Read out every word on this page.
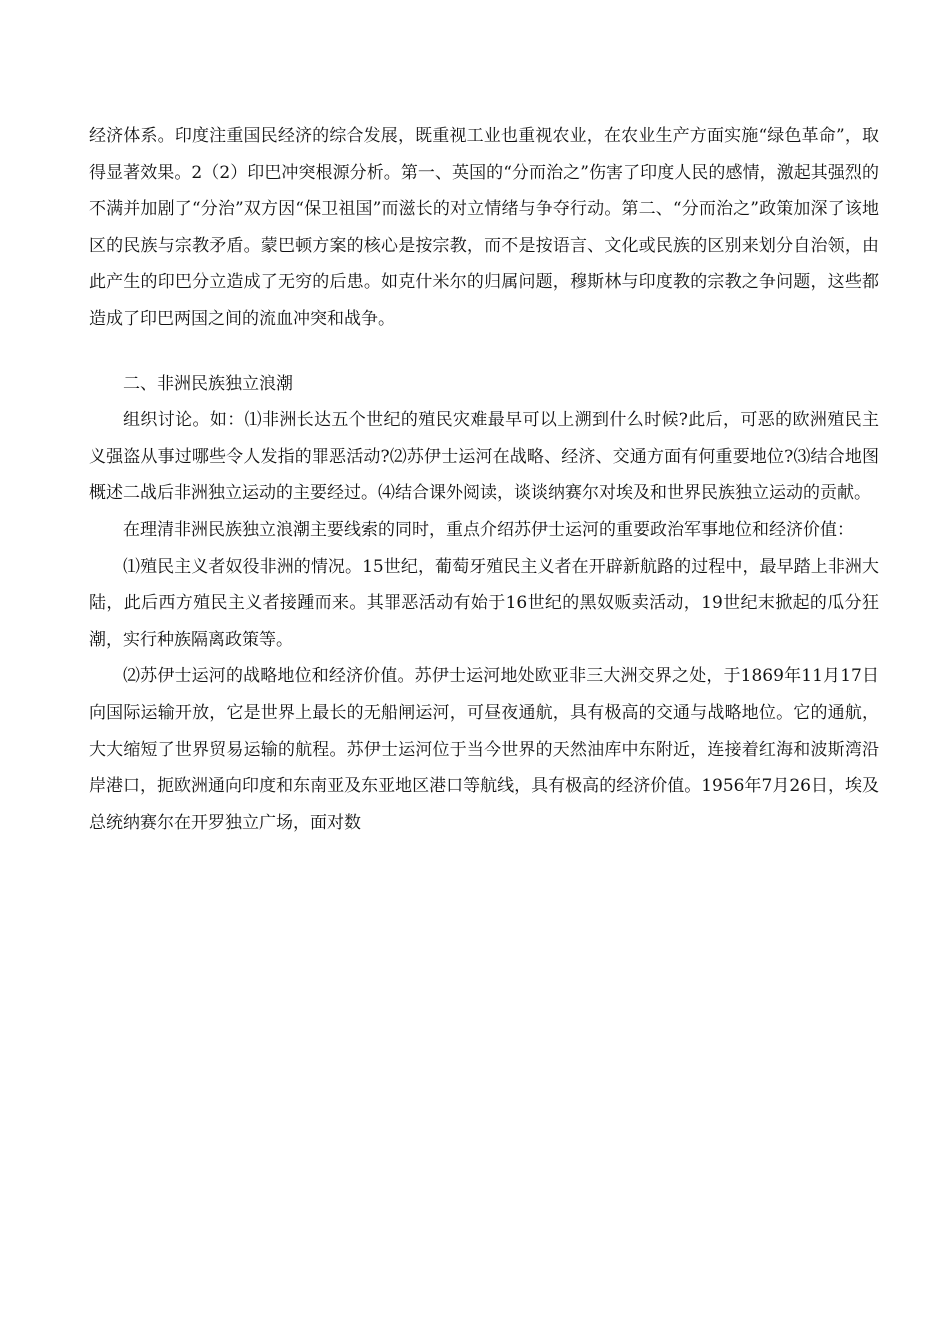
经济体系。印度注重国民经济的综合发展，既重视工业也重视农业，在农业生产方面实施“绿色革命”，取得显著效果。2（2）印巴冲突根源分析。第一、英国的“分而治之”伤害了印度人民的感情，激起其强烈的不满并加剧了“分治”双方因“保卫祖国”而滋长的对立情绪与争夺行动。第二、“分而治之”政策加深了该地区的民族与宗教矛盾。蒙巴顿方案的核心是按宗教，而不是按语言、文化或民族的区别来划分自治领，由此产生的印巴分立造成了无穷的后患。如克什米尔的归属问题，穆斯林与印度教的宗教之争问题，这些都造成了印巴两国之间的流血冲突和战争。

二、非洲民族独立浪潮

组织讨论。如：⑴非洲长达五个世纪的殖民灾难最早可以上溯到什么时候?此后，可恶的欧洲殖民主义强盗从事过哪些令人发指的罪恶活动?⑵苏伊士运河在战略、经济、交通方面有何重要地位?⑶结合地图概述二战后非洲独立运动的主要经过。⑷结合课外阅读，谈谈纳赛尔对埃及和世界民族独立运动的贡献。

在理清非洲民族独立浪潮主要线索的同时，重点介绍苏伊士运河的重要政治军事地位和经济价值：

⑴殖民主义者奴役非洲的情况。15世纪，葡萄牙殖民主义者在开辟新航路的过程中，最早踏上非洲大陆，此后西方殖民主义者接踵而来。其罪恶活动有始于16世纪的黑奴贩卖活动，19世纪末掀起的瓜分狂潮，实行种族隔离政策等。

⑵苏伊士运河的战略地位和经济价值。苏伊士运河地处欧亚非三大洲交界之处，于1869年11月17日向国际运输开放，它是世界上最长的无船闸运河，可昼夜通航，具有极高的交通与战略地位。它的通航，大大缩短了世界贸易运输的航程。苏伊士运河位于当今世界的天然油库中东附近，连接着红海和波斯湾沿岸港口，扼欧洲通向印度和东南亚及东亚地区港口等航线，具有极高的经济价值。1956年7月26日，埃及总统纳赛尔在开罗独立广场，面对数
